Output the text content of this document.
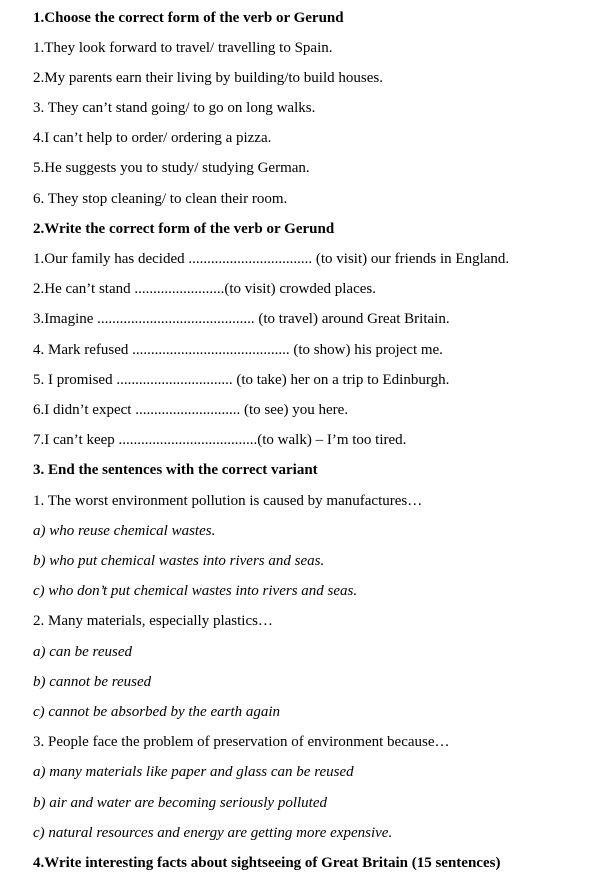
1.Choose the correct form of the verb or Gerund

1.They look forward to travel/ travelling to Spain.

2.My parents earn their living by building/to build houses.

3. They can’t stand going/ to go on long walks.

4.I can’t help to order/ ordering a pizza.

5.He suggests you to study/ studying German.

6. They stop cleaning/ to clean their room.

2.Write the correct form of the verb or Gerund

1.Our family has decided ................................. (to visit) our friends in England.

2.He can’t stand ........................(to visit) crowded places.

3.Imagine .......................................... (to travel) around Great Britain.

4. Mark refused .......................................... (to show) his project me.

5. I promised ............................... (to take) her on a trip to Edinburgh.

6.I didn’t expect ............................ (to see) you here.

7.I can’t keep .....................................(to walk) – I’m too tired.

3. End the sentences with the correct variant

1. The worst environment pollution is caused by manufactures…

a) who reuse chemical wastes.

b) who put chemical wastes into rivers and seas.

c) who don’t put chemical wastes into rivers and seas.

2. Many materials, especially plastics…

a) can be reused

b) cannot be reused

c) cannot be absorbed by the earth again

3. People face the problem of preservation of environment because…

a) many materials like paper and glass can be reused

b) air and water are becoming seriously polluted

c) natural resources and energy are getting more expensive.

4.Write interesting facts about sightseeing of Great Britain (15 sentences)
